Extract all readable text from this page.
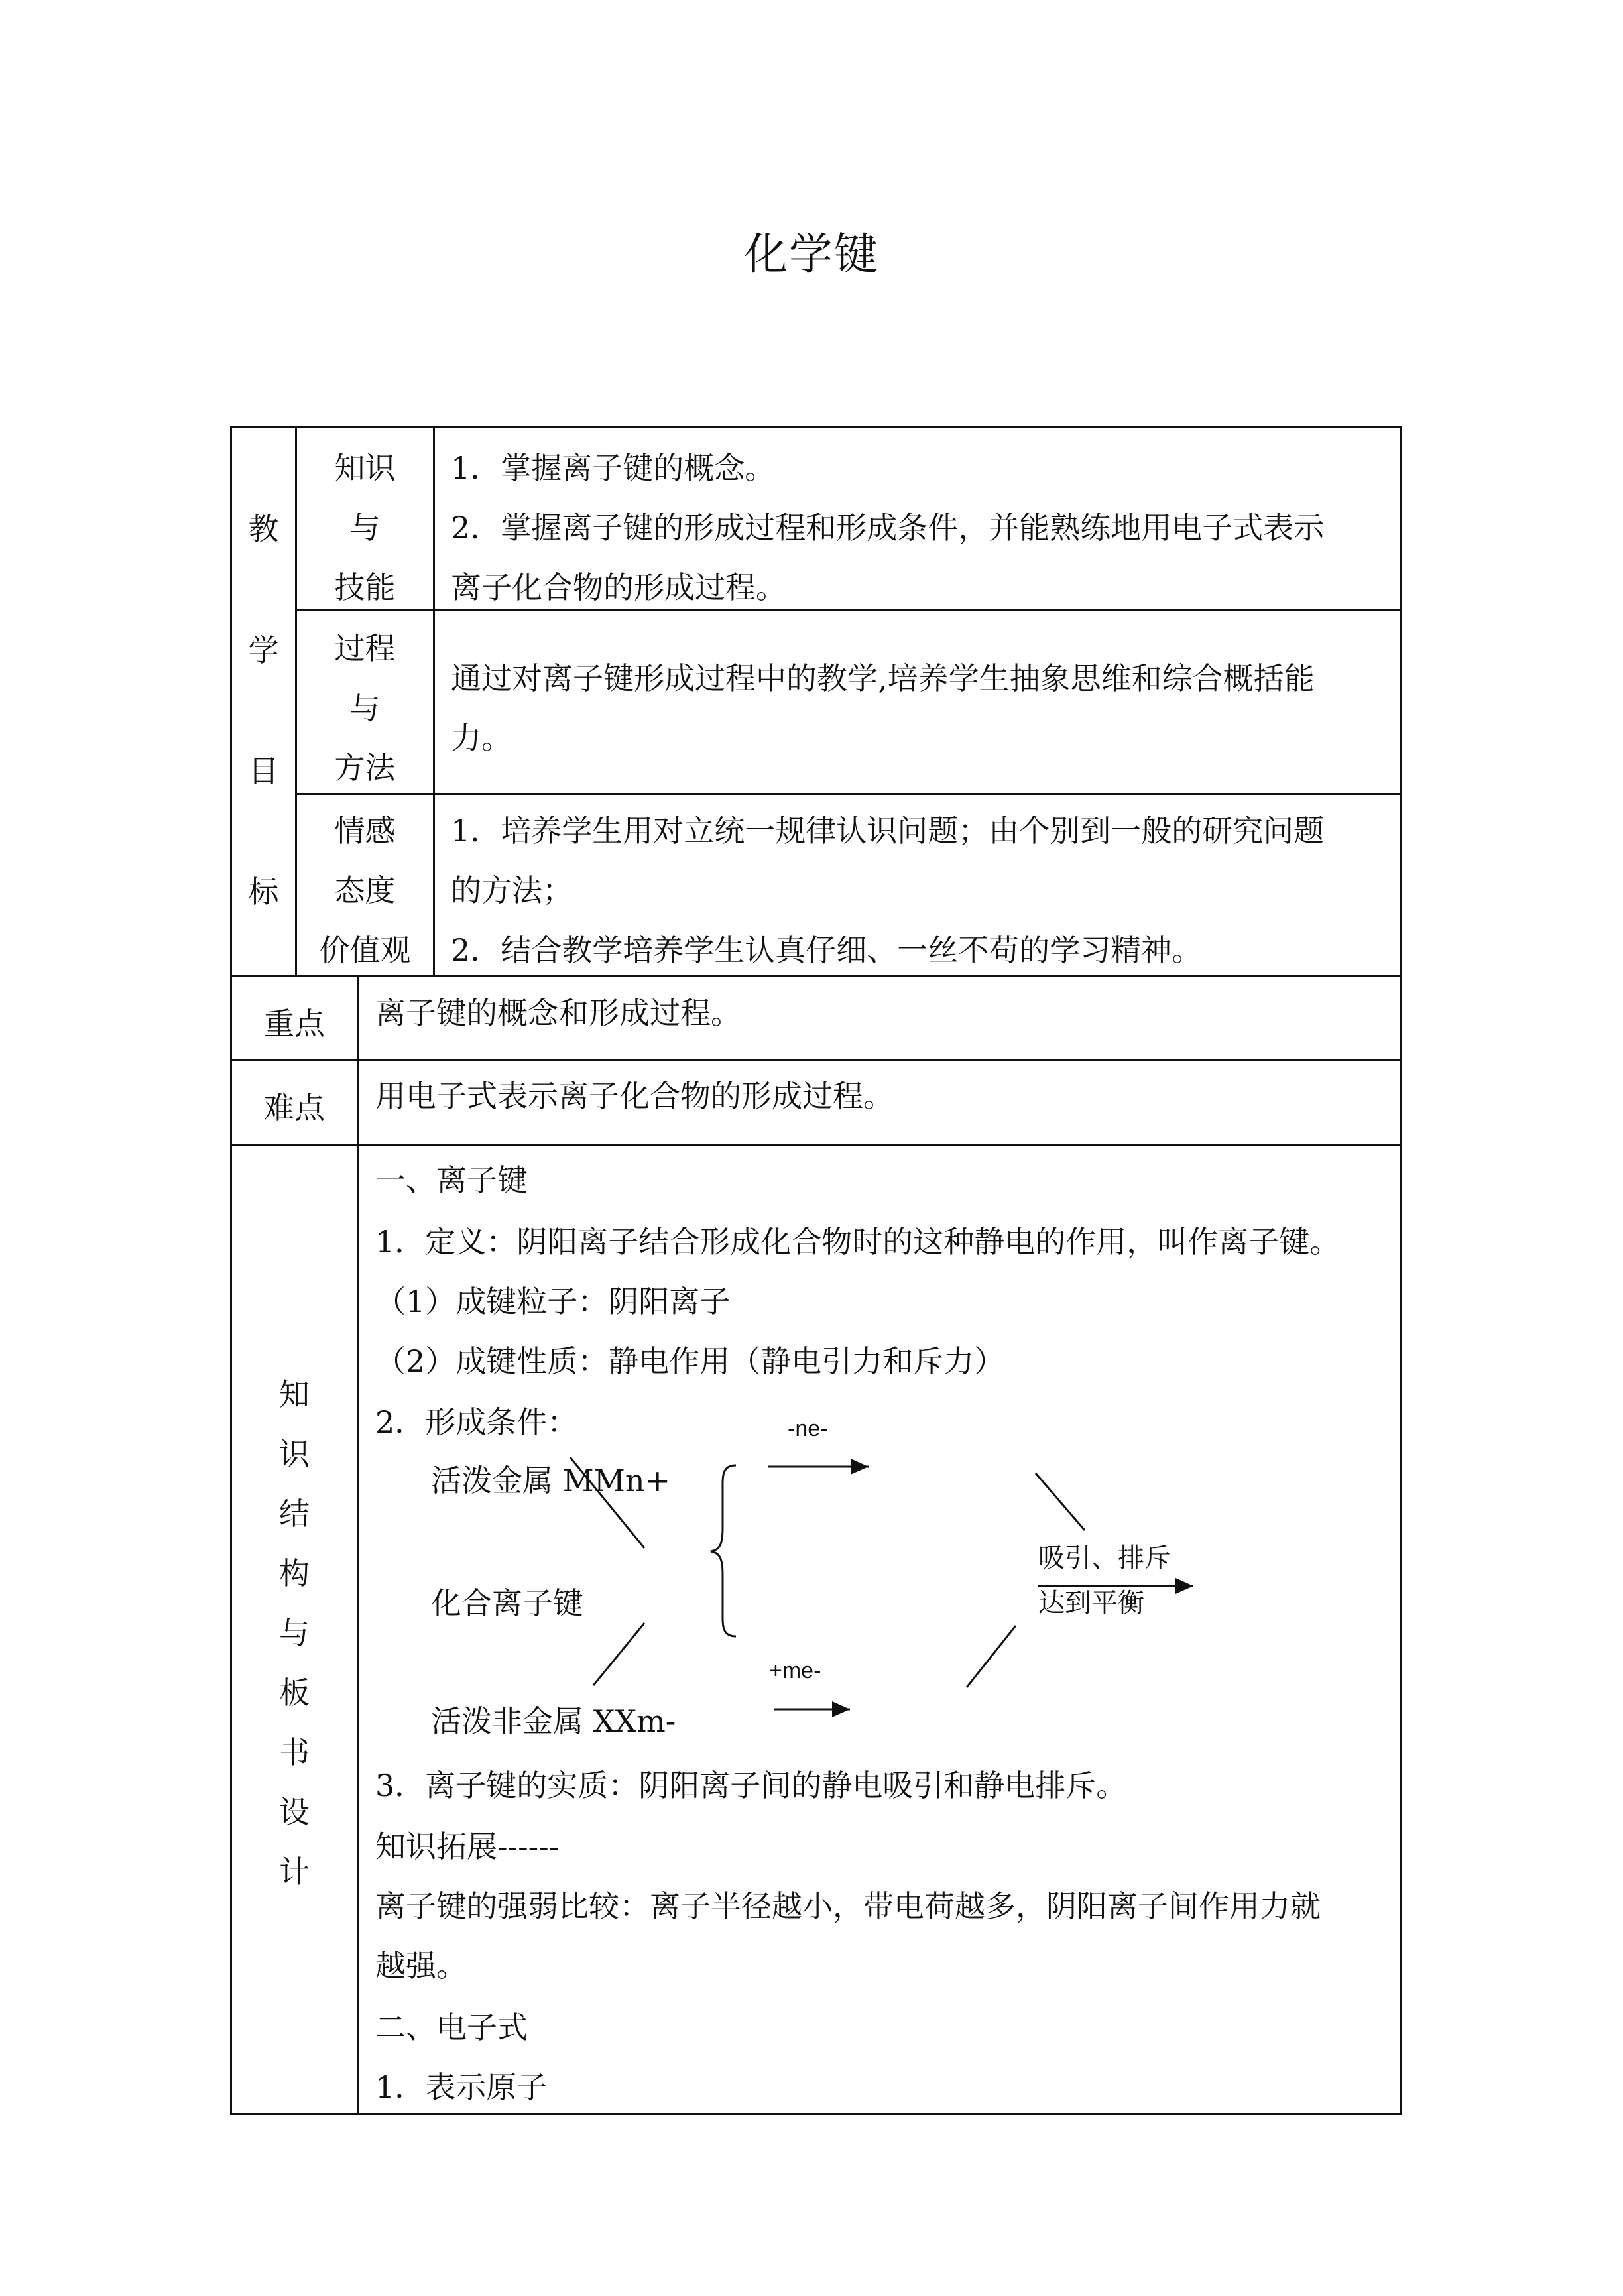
化学键
教
学
目
标
知识
与
技能
1．掌握离子键的概念。
2．掌握离子键的形成过程和形成条件，并能熟练地用电子式表示
离子化合物的形成过程。
过程
与
方法
通过对离子键形成过程中的教学,培养学生抽象思维和综合概括能
力。
情感
态度
价值观
1．培养学生用对立统一规律认识问题；由个别到一般的研究问题
的方法；
2．结合教学培养学生认真仔细、一丝不苟的学习精神。
重点	离子键的概念和形成过程。
难点	用电子式表示离子化合物的形成过程。
知
识
结
构
与
板
书
设
计
一、离子键
1．定义：阴阳离子结合形成化合物时的这种静电的作用，叫作离子键。
（1）成键粒子：阴阳离子
（2）成键性质：静电作用（静电引力和斥力）
2．形成条件：
活泼金属 MMn+
化合离子键
活泼非金属 XXm-
-ne-
+me-
吸引、排斥
达到平衡
3．离子键的实质：阴阳离子间的静电吸引和静电排斥。
知识拓展------
离子键的强弱比较：离子半径越小，带电荷越多，阴阳离子间作用力就
越强。
二、电子式
1．表示原子
